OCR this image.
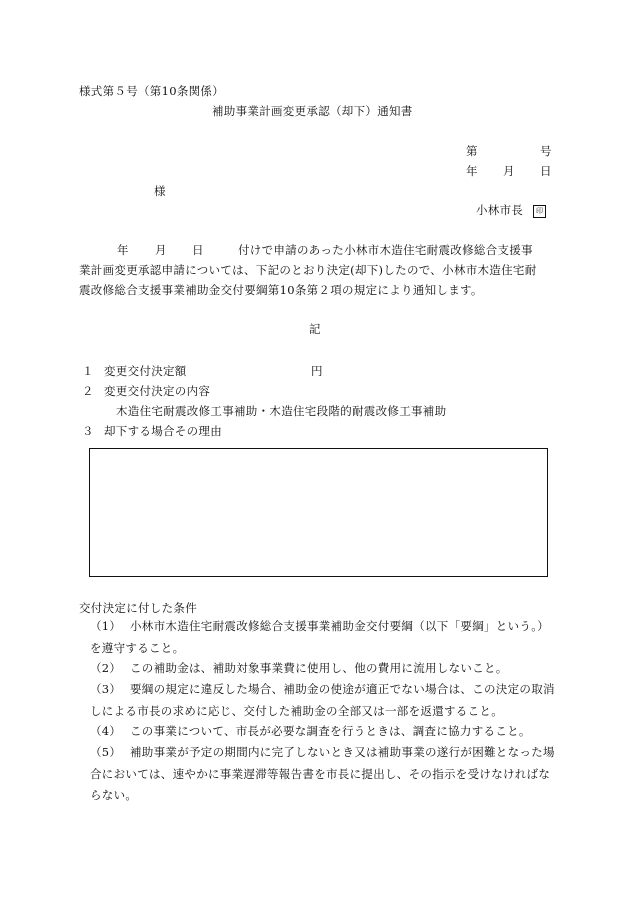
様式第５号（第10条関係）
補助事業計画変更承認（却下）通知書
第	号
年 月 日
様
小林市長 印
年 月 日	付けで申請のあった小林市木造住宅耐震改修総合支援事
業計画変更承認申請については、下記のとおり決定(却下)したので、小林市木造住宅耐
震改修総合支援事業補助金交付要綱第10条第２項の規定により通知します。
記
１ 変更交付決定額	円
２ 変更交付決定の内容
木造住宅耐震改修工事補助・木造住宅段階的耐震改修工事補助
３ 却下する場合その理由
交付決定に付した条件
（1） 小林市木造住宅耐震改修総合支援事業補助金交付要綱（以下「要綱」という。）を遵守すること。
（2） この補助金は、補助対象事業費に使用し、他の費用に流用しないこと。
（3） 要綱の規定に違反した場合、補助金の使途が適正でない場合は、この決定の取消しによる市長の求めに応じ、交付した補助金の全部又は一部を返還すること。
（4） この事業について、市長が必要な調査を行うときは、調査に協力すること。
（5） 補助事業が予定の期間内に完了しないとき又は補助事業の遂行が困難となった場合においては、速やかに事業遅滞等報告書を市長に提出し、その指示を受けなければならない。
